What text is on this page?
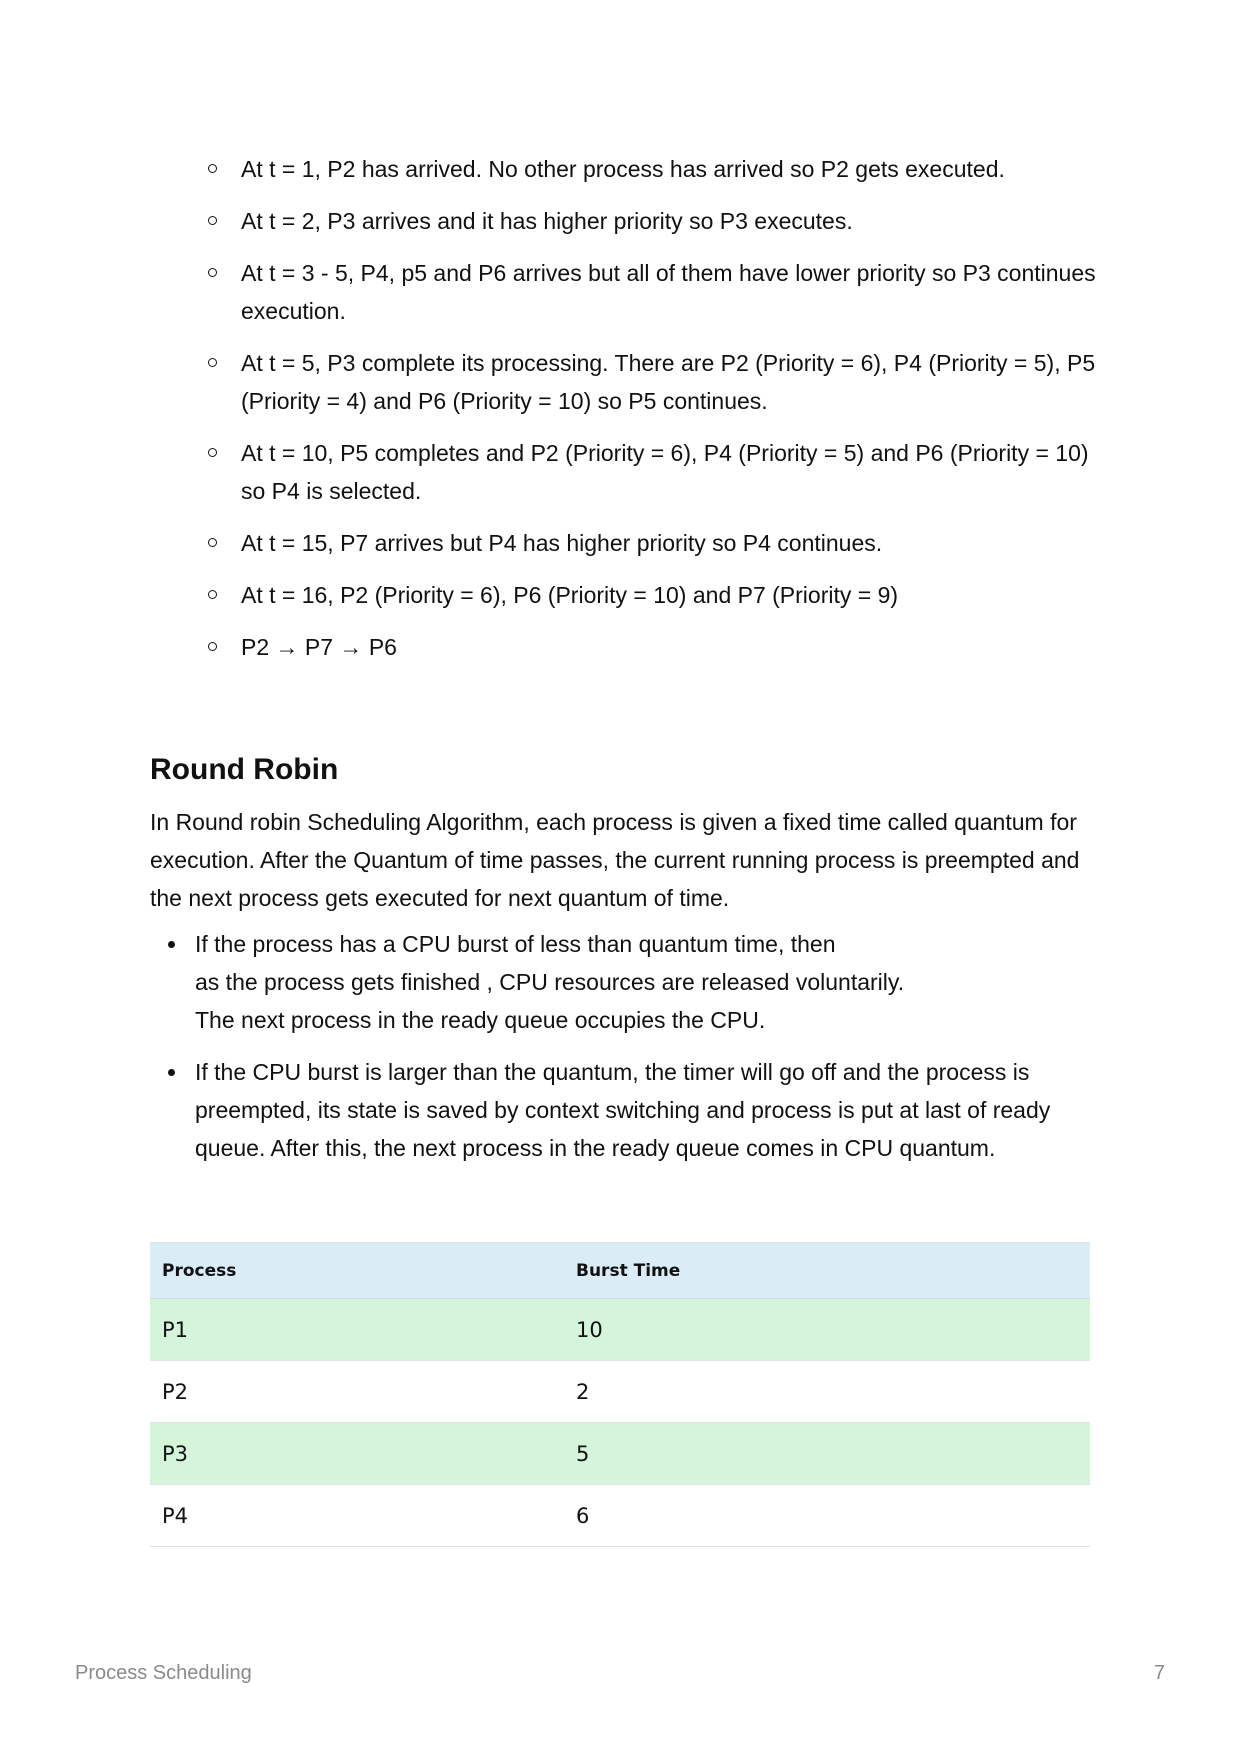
At t = 1, P2 has arrived. No other process has arrived so P2 gets executed.
At t = 2, P3 arrives and it has higher priority so P3 executes.
At t = 3 - 5, P4, p5 and P6 arrives but all of them have lower priority so P3 continues execution.
At t = 5, P3 complete its processing. There are P2 (Priority = 6), P4 (Priority = 5), P5 (Priority = 4) and P6 (Priority = 10) so P5 continues.
At t = 10, P5 completes and P2 (Priority = 6), P4 (Priority = 5) and P6 (Priority = 10) so P4 is selected.
At t = 15, P7 arrives but P4 has higher priority so P4 continues.
At t = 16, P2 (Priority = 6), P6 (Priority = 10) and P7 (Priority = 9)
P2 → P7 → P6
Round Robin

In Round robin Scheduling Algorithm, each process is given a fixed time called quantum for execution. After the Quantum of time passes, the current running process is preempted and the next process gets executed for next quantum of time.

If the process has a CPU burst of less than quantum time, then
as the process gets finished , CPU resources are released voluntarily.
The next process in the ready queue occupies the CPU.
If the CPU burst is larger than the quantum, the timer will go off and the process is preempted, its state is saved by context switching and process is put at last of ready queue. After this, the next process in the ready queue comes in CPU quantum.
Process	Burst Time
P1	10
P2	2
P3	5
P4	6
Process Scheduling	7
